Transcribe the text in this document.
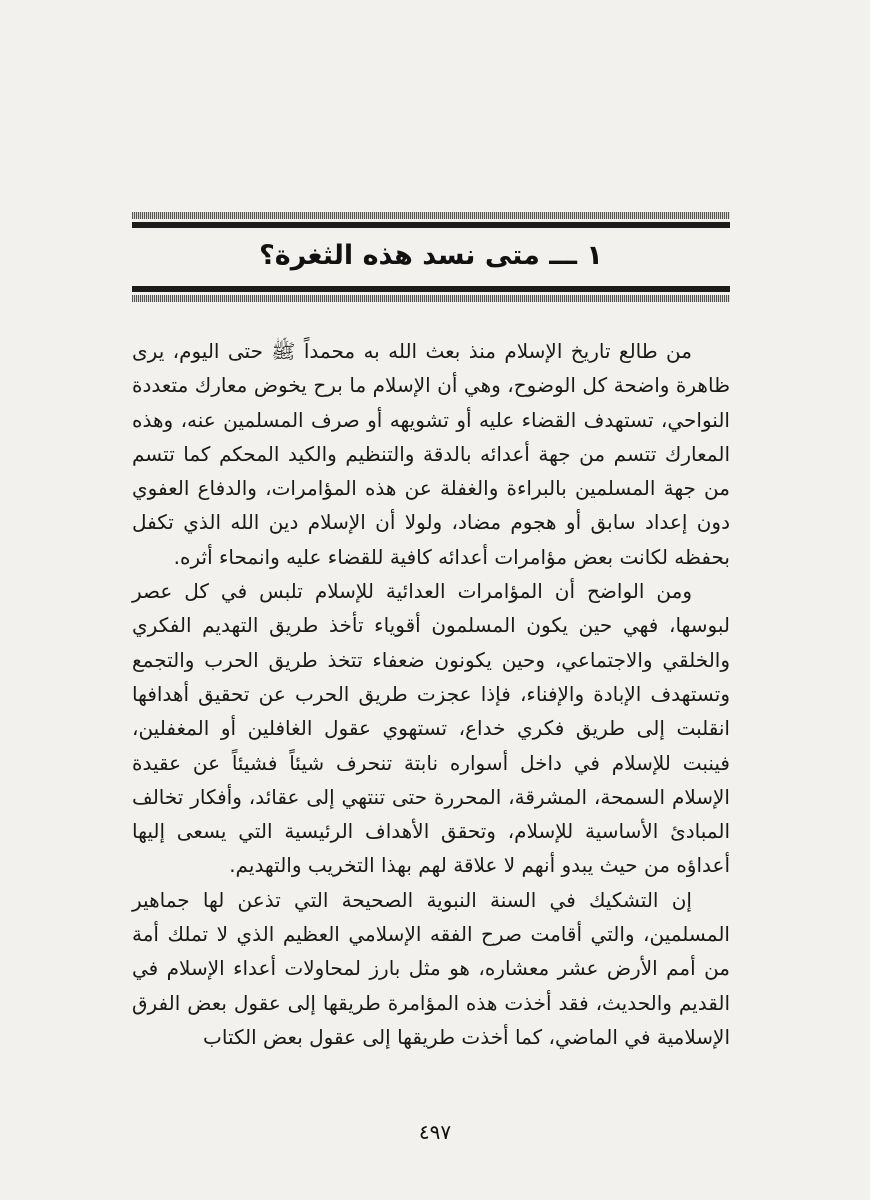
١ ـــ متى نسد هذه الثغرة؟

من طالع تاريخ الإسلام منذ بعث الله به محمداً ﷺ حتى اليوم، يرى ظاهرة واضحة كل الوضوح، وهي أن الإسلام ما برح يخوض معارك متعددة النواحي، تستهدف القضاء عليه أو تشويهه أو صرف المسلمين عنه، وهذه المعارك تتسم من جهة أعدائه بالدقة والتنظيم والكيد المحكم كما تتسم من جهة المسلمين بالبراءة والغفلة عن هذه المؤامرات، والدفاع العفوي دون إعداد سابق أو هجوم مضاد، ولولا أن الإسلام دين الله الذي تكفل بحفظه لكانت بعض مؤامرات أعدائه كافية للقضاء عليه وانمحاء أثره.

ومن الواضح أن المؤامرات العدائية للإسلام تلبس في كل عصر لبوسها، فهي حين يكون المسلمون أقوياء تأخذ طريق التهديم الفكري والخلقي والاجتماعي، وحين يكونون ضعفاء تتخذ طريق الحرب والتجمع وتستهدف الإبادة والإفناء، فإذا عجزت طريق الحرب عن تحقيق أهدافها انقلبت إلى طريق فكري خداع، تستهوي عقول الغافلين أو المغفلين، فينبت للإسلام في داخل أسواره نابتة تنحرف شيئاً فشيئاً عن عقيدة الإسلام السمحة، المشرقة، المحررة حتى تنتهي إلى عقائد، وأفكار تخالف المبادئ الأساسية للإسلام، وتحقق الأهداف الرئيسية التي يسعى إليها أعداؤه من حيث يبدو أنهم لا علاقة لهم بهذا التخريب والتهديم.

إن التشكيك في السنة النبوية الصحيحة التي تذعن لها جماهير المسلمين، والتي أقامت صرح الفقه الإسلامي العظيم الذي لا تملك أمة من أمم الأرض عشر معشاره، هو مثل بارز لمحاولات أعداء الإسلام في القديم والحديث، فقد أخذت هذه المؤامرة طريقها إلى عقول بعض الفرق الإسلامية في الماضي، كما أخذت طريقها إلى عقول بعض الكتاب

٤٩٧
